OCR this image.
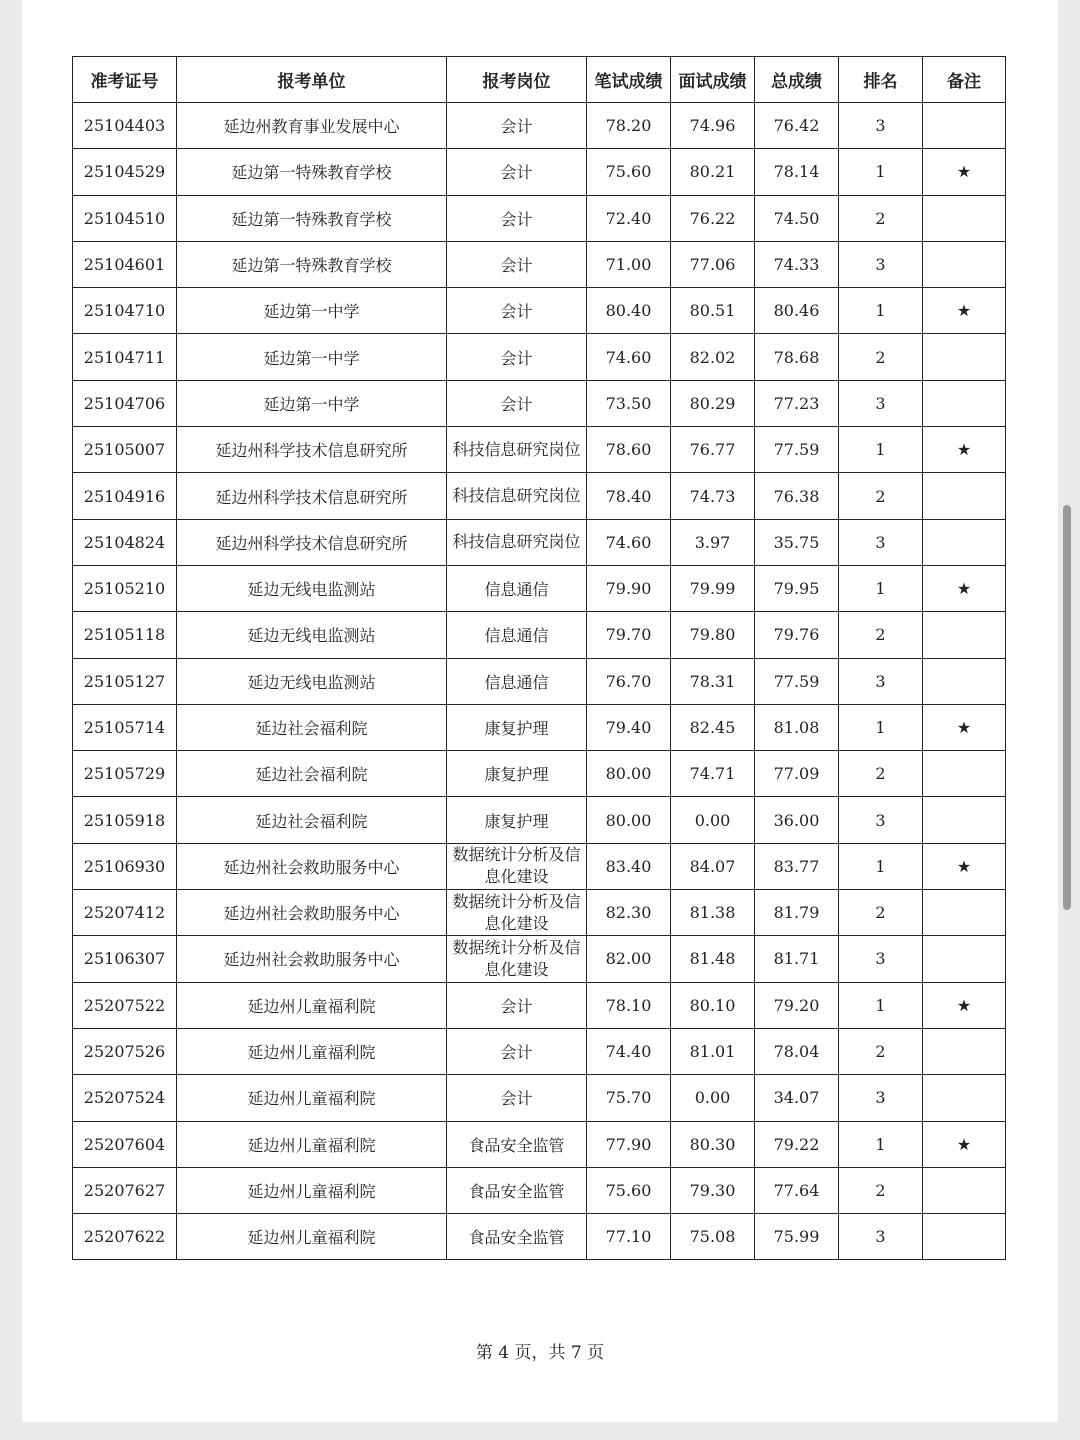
准考证号	报考单位	报考岗位	笔试成绩	面试成绩	总成绩	排名	备注
25104403	延边州教育事业发展中心	会计	78.20	74.96	76.42	3	
25104529	延边第一特殊教育学校	会计	75.60	80.21	78.14	1	★
25104510	延边第一特殊教育学校	会计	72.40	76.22	74.50	2	
25104601	延边第一特殊教育学校	会计	71.00	77.06	74.33	3	
25104710	延边第一中学	会计	80.40	80.51	80.46	1	★
25104711	延边第一中学	会计	74.60	82.02	78.68	2	
25104706	延边第一中学	会计	73.50	80.29	77.23	3	
25105007	延边州科学技术信息研究所	科技信息研究岗位	78.60	76.77	77.59	1	★
25104916	延边州科学技术信息研究所	科技信息研究岗位	78.40	74.73	76.38	2	
25104824	延边州科学技术信息研究所	科技信息研究岗位	74.60	3.97	35.75	3	
25105210	延边无线电监测站	信息通信	79.90	79.99	79.95	1	★
25105118	延边无线电监测站	信息通信	79.70	79.80	79.76	2	
25105127	延边无线电监测站	信息通信	76.70	78.31	77.59	3	
25105714	延边社会福利院	康复护理	79.40	82.45	81.08	1	★
25105729	延边社会福利院	康复护理	80.00	74.71	77.09	2	
25105918	延边社会福利院	康复护理	80.00	0.00	36.00	3	
25106930	延边州社会救助服务中心	数据统计分析及信息化建设	83.40	84.07	83.77	1	★
25207412	延边州社会救助服务中心	数据统计分析及信息化建设	82.30	81.38	81.79	2	
25106307	延边州社会救助服务中心	数据统计分析及信息化建设	82.00	81.48	81.71	3	
25207522	延边州儿童福利院	会计	78.10	80.10	79.20	1	★
25207526	延边州儿童福利院	会计	74.40	81.01	78.04	2	
25207524	延边州儿童福利院	会计	75.70	0.00	34.07	3	
25207604	延边州儿童福利院	食品安全监管	77.90	80.30	79.22	1	★
25207627	延边州儿童福利院	食品安全监管	75.60	79.30	77.64	2	
25207622	延边州儿童福利院	食品安全监管	77.10	75.08	75.99	3	
第 4 页，共 7 页
